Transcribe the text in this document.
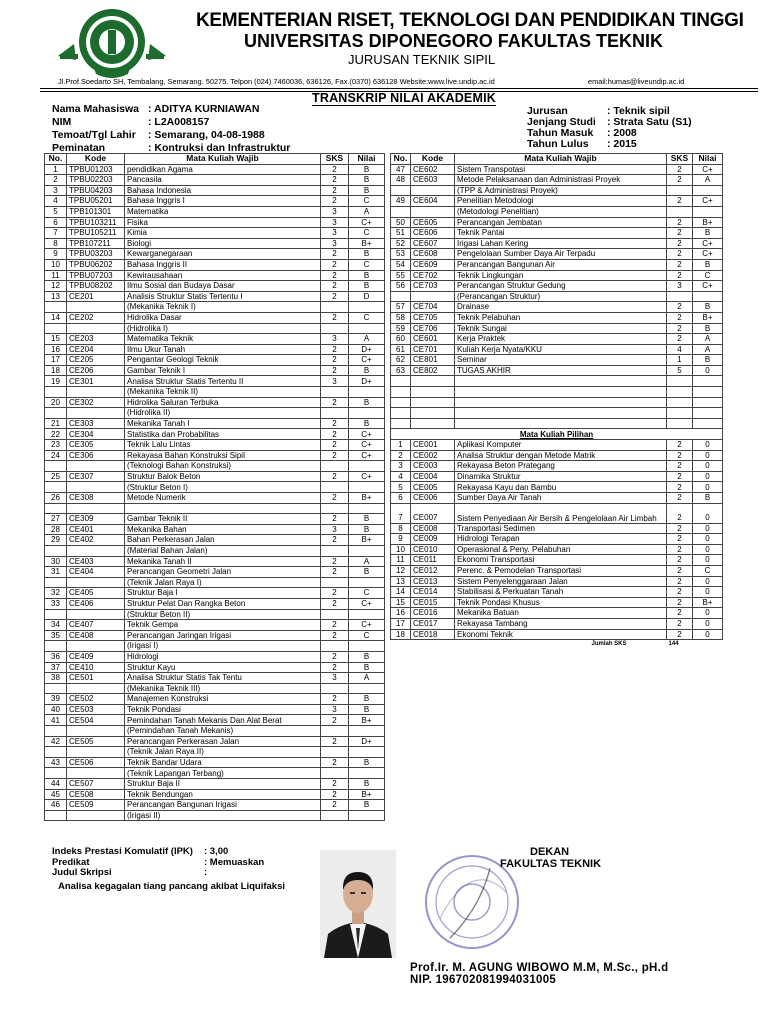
KEMENTERIAN RISET, TEKNOLOGI DAN PENDIDIKAN TINGGI
UNIVERSITAS DIPONEGORO FAKULTAS TEKNIK
JURUSAN TEKNIK SIPIL
Jl.Prof.Soedarto SH, Tembalang, Semarang. 50275. Telpon (024) 7460036, 636126, Fax.(0370) 636128 Website:www.live.undip.ac.id	email:humas@liveundip.ac.id
TRANSKRIP NILAI AKADEMIK
Nama Mahasiswa : ADITYA KURNIAWAN
NIM	: L2A008157
Temoat/Tgl Lahir : Semarang, 04-08-1988
Peminatan	: Kontruksi dan Infrastruktur
Jurusan	: Teknik sipil
Jenjang Studi : Strata Satu (S1)
Tahun Masuk : 2008
Tahun Lulus : 2015
No.	Kode	Mata Kuliah Wajib	SKS	Nilai
1	TPBU01203	pendidikan Agama	2	B
2	TPBU02203	Pancasila	2	B
3	TPBU04203	Bahasa Indonesia	2	B
4	TPBU05201	Bahasa Inggris I	2	C
5	TPB101301	Matematika	3	A
6	TPBU103211	Fisika	3	C+
7	TPBU105211	Kimia	3	C
8	TPB107211	Biologi	3	B+
9	TPBU03203	Kewarganegaraan	2	B
10	TPBU06202	Bahasa Inggris II	2	C
11	TPBU07203	Kewirausahaan	2	B
12	TPBU08202	Ilmu Sosial dan Budaya Dasar	2	B
13	CE201	Analisis Struktur Statis Tertentu I	2	D
		(Mekanika Teknik I)		
14	CE202	Hidrolika Dasar	2	C
		(Hidrolika I)		
15	CE203	Matematika Teknik	3	A
16	CE204	Ilmu Ukur Tanah	2	D+
17	CE205	Pengantar Geologi Teknik	2	C+
18	CE206	Gambar Teknik I	2	B
19	CE301	Analisa Struktur Statis Tertentu II	3	D+
		(Mekanika Teknik II)		
20	CE302	Hidrolika Saluran Terbuka	2	B
		(Hidrolika II)		
21	CE303	Mekanika Tanah I	2	B
22	CE304	Statistika dan Probabilitas	2	C+
23	CE305	Teknik Lalu Lintas	2	C+
24	CE306	Rekayasa Bahan Konstruksi Sipil	2	C+
		(Teknologi Bahan Konstruksi)		
25	CE307	Struktur Balok Beton	2	C+
		(Struktur Beton I)		
26	CE308	Metode Numerik	2	B+

27	CE309	Gambar Teknik II	2	B
28	CE401	Mekanika Bahan	3	B
29	CE402	Bahan Perkerasan Jalan	2	B+
		(Material Bahan Jalan)		
30	CE403	Mekanika Tanah II	2	A
31	CE404	Perancangan Geometri Jalan	2	B
		(Teknik Jalan Raya I)		
32	CE405	Struktur Baja I	2	C
33	CE406	Struktur Pelat Dan Rangka Beton	2	C+
		(Struktur Beton II)		
34	CE407	Teknik Gempa	2	C+
35	CE408	Perancangan Jaringan Irigasi	2	C
		(Irigasi I)		
36	CE409	Hidrologi	2	B
37	CE410	Struktur Kayu	2	B
38	CE501	Analisa Struktur Statis Tak Tentu	3	A
		(Mekanika Teknik III)		
39	CE502	Manajemen Konstruksi	2	B
40	CE503	Teknik Pondasi	3	B
41	CE504	Pemindahan Tanah Mekanis Dan Alat Berat	2	B+
		(Pemindahan Tanah Mekanis)		
42	CE505	Perancangan Perkerasan Jalan	2	D+
		(Teknik Jalan Raya II)		
43	CE506	Teknik Bandar Udara	2	B
		(Teknik Lapangan Terbang)		
44	CE507	Struktur Baja II	2	B
45	CE508	Teknik Bendungan	2	B+
46	CE509	Perancangan Bangunan Irigasi	2	B
		(Irigasi II)		
No.	Kode	Mata Kuliah Wajib	SKS	Nilai
47	CE602	Sistem Transpotasi	2	C+
48	CE603	Metode Pelaksanaan dan Administrasi Proyek	2	A
		(TPP & Administrasi Proyek)		
49	CE604	Penelitian Metodologi	2	C+
		(Metodologi Penelitian)		
50	CE605	Perancangan Jembatan	2	B+
51	CE606	Teknik Pantai	2	B
52	CE607	Irigasi Lahan Kering	2	C+
53	CE608	Pengelolaan Sumber Daya Air Terpadu	2	C+
54	CE609	Perancangan Bangunan Air	2	B
55	CE702	Teknik Lingkungan	2	C
56	CE703	Perancangan Struktur Gedung	3	C+
		(Perancangan Struktur)		
57	CE704	Drainase	2	B
58	CE705	Teknik Pelabuhan	2	B+
59	CE706	Teknik Sungai	2	B
60	CE601	Kerja Praktek	2	A
61	CE701	Kuliah Kerja Nyata/KKU	4	A
62	CE801	Seminar	1	B
63	CE802	TUGAS AKHIR	5	0

Mata Kuliah Pilihan				
1	CE001	Aplikasi Komputer	2	0
2	CE002	Analisa Struktur dengan Metode Matrik	2	0
3	CE003	Rekayasa Beton Prategang	2	0
4	CE004	Dinamika Struktur	2	0
5	CE005	Rekayasa Kayu dan Bambu	2	0
6	CE006	Sumber Daya Air Tanah	2	B
7	CE007	Sistem Penyediaan Air Bersih & Pengelolaan Air Limbah	2	0
8	CE008	Transportasi Sedimen	2	0
9	CE009	Hidrologi Terapan	2	0
10	CE010	Operasional & Peny. Pelabuhan	2	0
11	CE011	Ekonomi Transportasi	2	0
12	CE012	Perenc. & Pemodelan Transportasi	2	C
13	CE013	Sistem Penyelenggaraan Jalan	2	0
14	CE014	Stabilisasi & Perkuatan Tanah	2	0
15	CE015	Teknik Pondasi Khusus	2	B+
16	CE016	Mekanika Batuan	2	0
17	CE017	Rekayasa Tambang	2	0
18	CE018	Ekonomi Teknik	2	0
Jumlah SKS			144	
Indeks Prestasi Komulatif (IPK) : 3,00
Predikat	: Memuaskan
Judul Skripsi	:
Analisa kegagalan tiang pancang akibat Liquifaksi
DEKAN
FAKULTAS TEKNIK
Prof.Ir. M. AGUNG WIBOWO M.M, M.Sc., pH.d
NIP. 196702081994031005
